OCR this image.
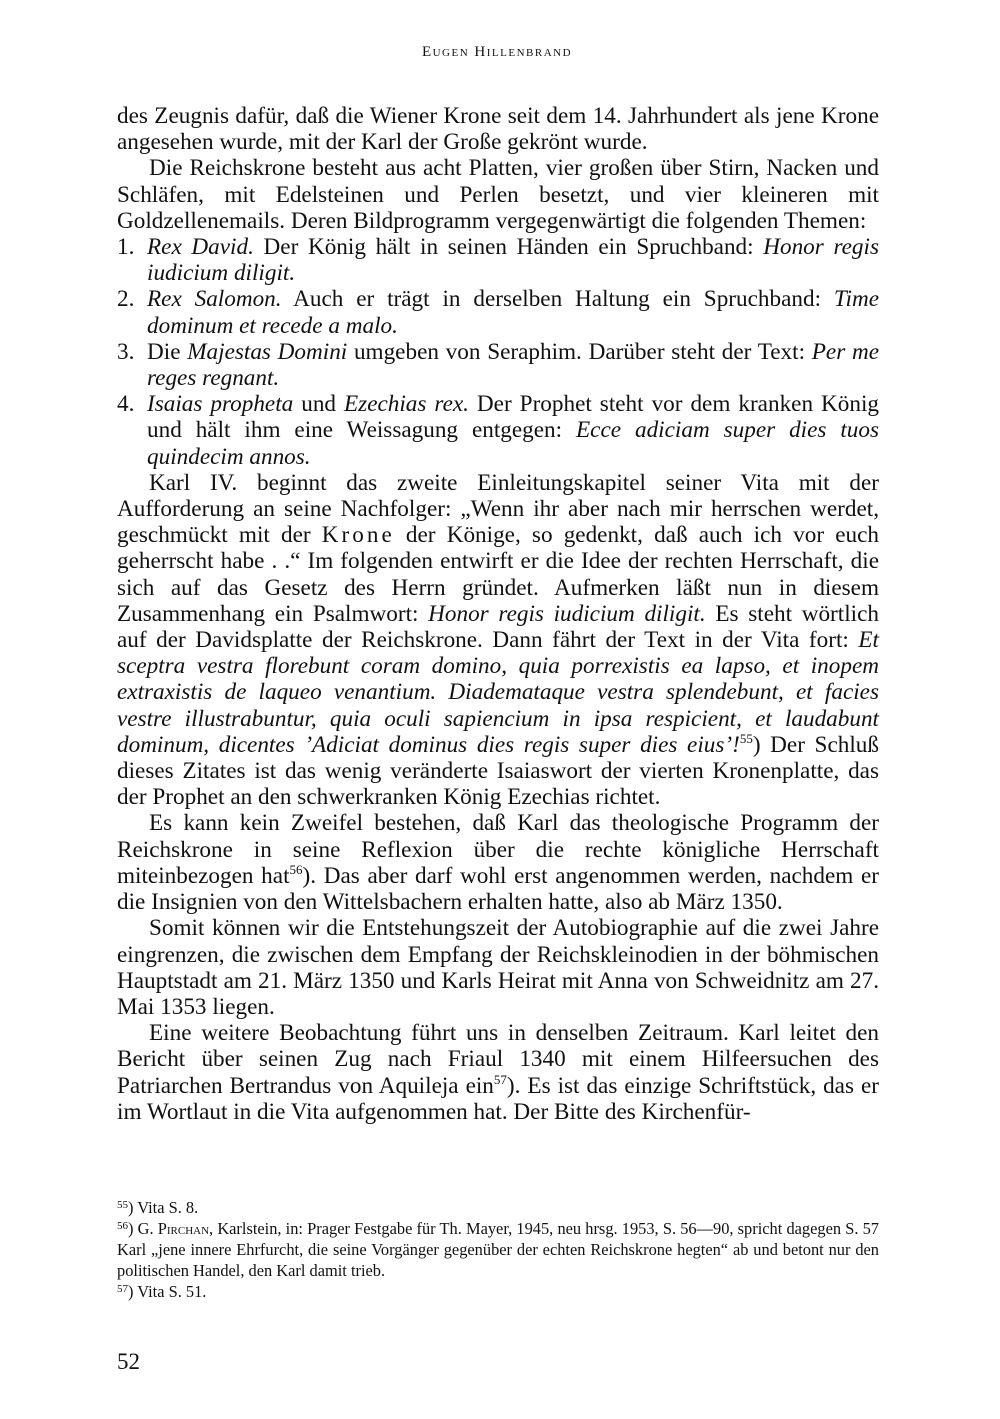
Eugen Hillenbrand

des Zeugnis dafür, daß die Wiener Krone seit dem 14. Jahrhundert als jene Krone angesehen wurde, mit der Karl der Große gekrönt wurde.

Die Reichskrone besteht aus acht Platten, vier großen über Stirn, Nacken und Schläfen, mit Edelsteinen und Perlen besetzt, und vier kleineren mit Goldzellenemails. Deren Bildprogramm vergegenwärtigt die folgenden Themen:

1. Rex David. Der König hält in seinen Händen ein Spruchband: Honor regis iudicium diligit.
2. Rex Salomon. Auch er trägt in derselben Haltung ein Spruchband: Time dominum et recede a malo.
3. Die Majestas Domini umgeben von Seraphim. Darüber steht der Text: Per me reges regnant.
4. Isaias propheta und Ezechias rex. Der Prophet steht vor dem kranken König und hält ihm eine Weissagung entgegen: Ecce adiciam super dies tuos quindecim annos.

Karl IV. beginnt das zweite Einleitungskapitel seiner Vita mit der Aufforderung an seine Nachfolger: „Wenn ihr aber nach mir herrschen werdet, geschmückt mit der Krone der Könige, so gedenkt, daß auch ich vor euch geherrscht habe . .“ Im folgenden entwirft er die Idee der rechten Herrschaft, die sich auf das Gesetz des Herrn gründet. Aufmerken läßt nun in diesem Zusammenhang ein Psalmwort: Honor regis iudicium diligit. Es steht wörtlich auf der Davidsplatte der Reichskrone. Dann fährt der Text in der Vita fort: Et sceptra vestra florebunt coram domino, quia porrexistis ea lapso, et inopem extraxistis de laqueo venantium. Diademataque vestra splendebunt, et facies vestre illustrabuntur, quia oculi sapiencium in ipsa respicient, et laudabunt dominum, dicentes ’Adiciat dominus dies regis super dies eius’!$^{55}$) Der Schluß dieses Zitates ist das wenig veränderte Isaiaswort der vierten Kronenplatte, das der Prophet an den schwerkranken König Ezechias richtet.

Es kann kein Zweifel bestehen, daß Karl das theologische Programm der Reichskrone in seine Reflexion über die rechte königliche Herrschaft miteinbezogen hat$^{56}$). Das aber darf wohl erst angenommen werden, nachdem er die Insignien von den Wittelsbachern erhalten hatte, also ab März 1350.

Somit können wir die Entstehungszeit der Autobiographie auf die zwei Jahre eingrenzen, die zwischen dem Empfang der Reichskleinodien in der böhmischen Hauptstadt am 21. März 1350 und Karls Heirat mit Anna von Schweidnitz am 27. Mai 1353 liegen.

Eine weitere Beobachtung führt uns in denselben Zeitraum. Karl leitet den Bericht über seinen Zug nach Friaul 1340 mit einem Hilfeersuchen des Patriarchen Bertrandus von Aquileja ein$^{57}$). Es ist das einzige Schriftstück, das er im Wortlaut in die Vita aufgenommen hat. Der Bitte des Kirchenfür-

$^{55}$) Vita S. 8.
$^{56}$) G. Pirchan, Karlstein, in: Prager Festgabe für Th. Mayer, 1945, neu hrsg. 1953, S. 56—90, spricht dagegen S. 57 Karl „jene innere Ehrfurcht, die seine Vorgänger gegenüber der echten Reichskrone hegten“ ab und betont nur den politischen Handel, den Karl damit trieb.
$^{57}$) Vita S. 51.
52
